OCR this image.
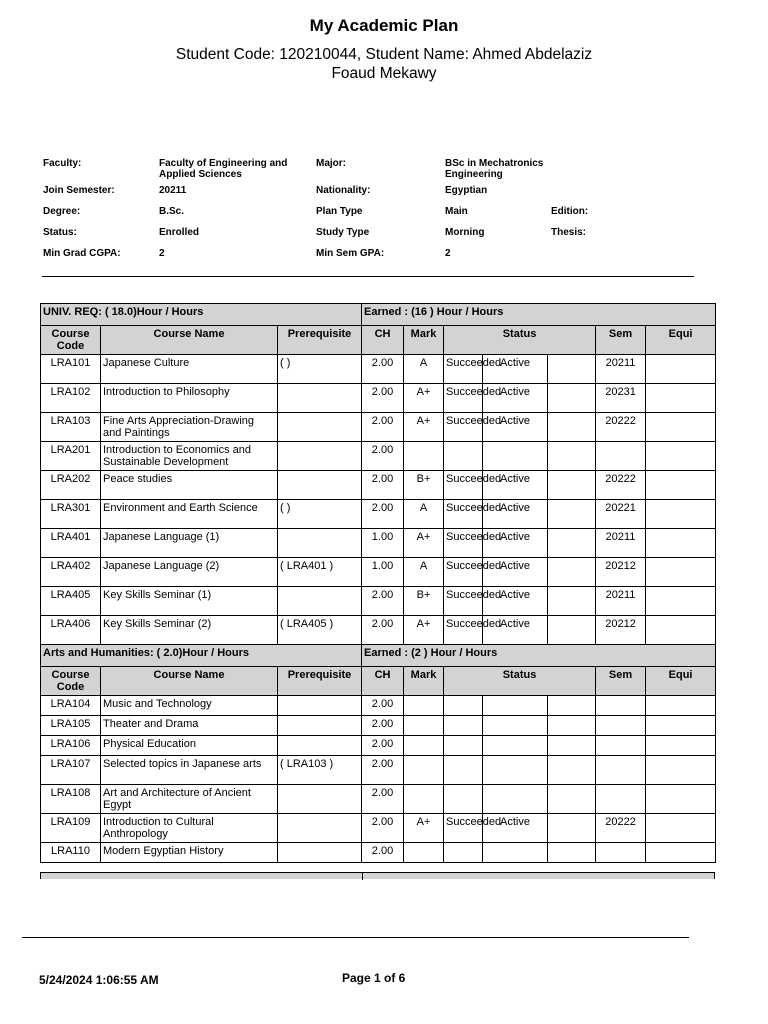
My Academic Plan
Student Code: 120210044, Student Name: Ahmed Abdelaziz Foaud Mekawy
Faculty:	Faculty of Engineering and Applied Sciences
Major:	BSc in Mechatronics Engineering
Join Semester:	20211	Nationality:	Egyptian
Degree:	B.Sc.	Plan Type	Main	Edition:
Status:	Enrolled	Study Type	Morning	Thesis:
Min Grad CGPA:	2	Min Sem GPA:	2
UNIV. REQ: ( 18.0)Hour / Hours			Earned : (16 ) Hour / Hours						
Course Code	Course Name	Prerequisite	CH	Mark	Status			Sem	Equi
LRA101	Japanese Culture	( )	2.00	A	Succeeded	Active		20211	
LRA102	Introduction to Philosophy		2.00	A+	Succeeded	Active		20231	
LRA103	Fine Arts Appreciation-Drawing and Paintings		2.00	A+	Succeeded	Active		20222	
LRA201	Introduction to Economics and Sustainable Development		2.00						
LRA202	Peace studies		2.00	B+	Succeeded	Active		20222	
LRA301	Environment and Earth Science	( )	2.00	A	Succeeded	Active		20221	
LRA401	Japanese Language (1)		1.00	A+	Succeeded	Active		20211	
LRA402	Japanese Language (2)	( LRA401 )	1.00	A	Succeeded	Active		20212	
LRA405	Key Skills Seminar (1)		2.00	B+	Succeeded	Active		20211	
LRA406	Key Skills Seminar (2)	( LRA405 )	2.00	A+	Succeeded	Active		20212	
Arts and Humanities: ( 2.0)Hour / Hours			Earned : (2 ) Hour / Hours						
Course Code	Course Name	Prerequisite	CH	Mark	Status			Sem	Equi
LRA104	Music and Technology		2.00						
LRA105	Theater and Drama		2.00						
LRA106	Physical Education		2.00						
LRA107	Selected topics in Japanese arts	( LRA103 )	2.00						
LRA108	Art and Architecture of Ancient Egypt		2.00						
LRA109	Introduction to Cultural Anthropology		2.00	A+	Succeeded	Active		20222	
LRA110	Modern Egyptian History		2.00						
5/24/2024 1:06:55 AM	Page 1 of 6
